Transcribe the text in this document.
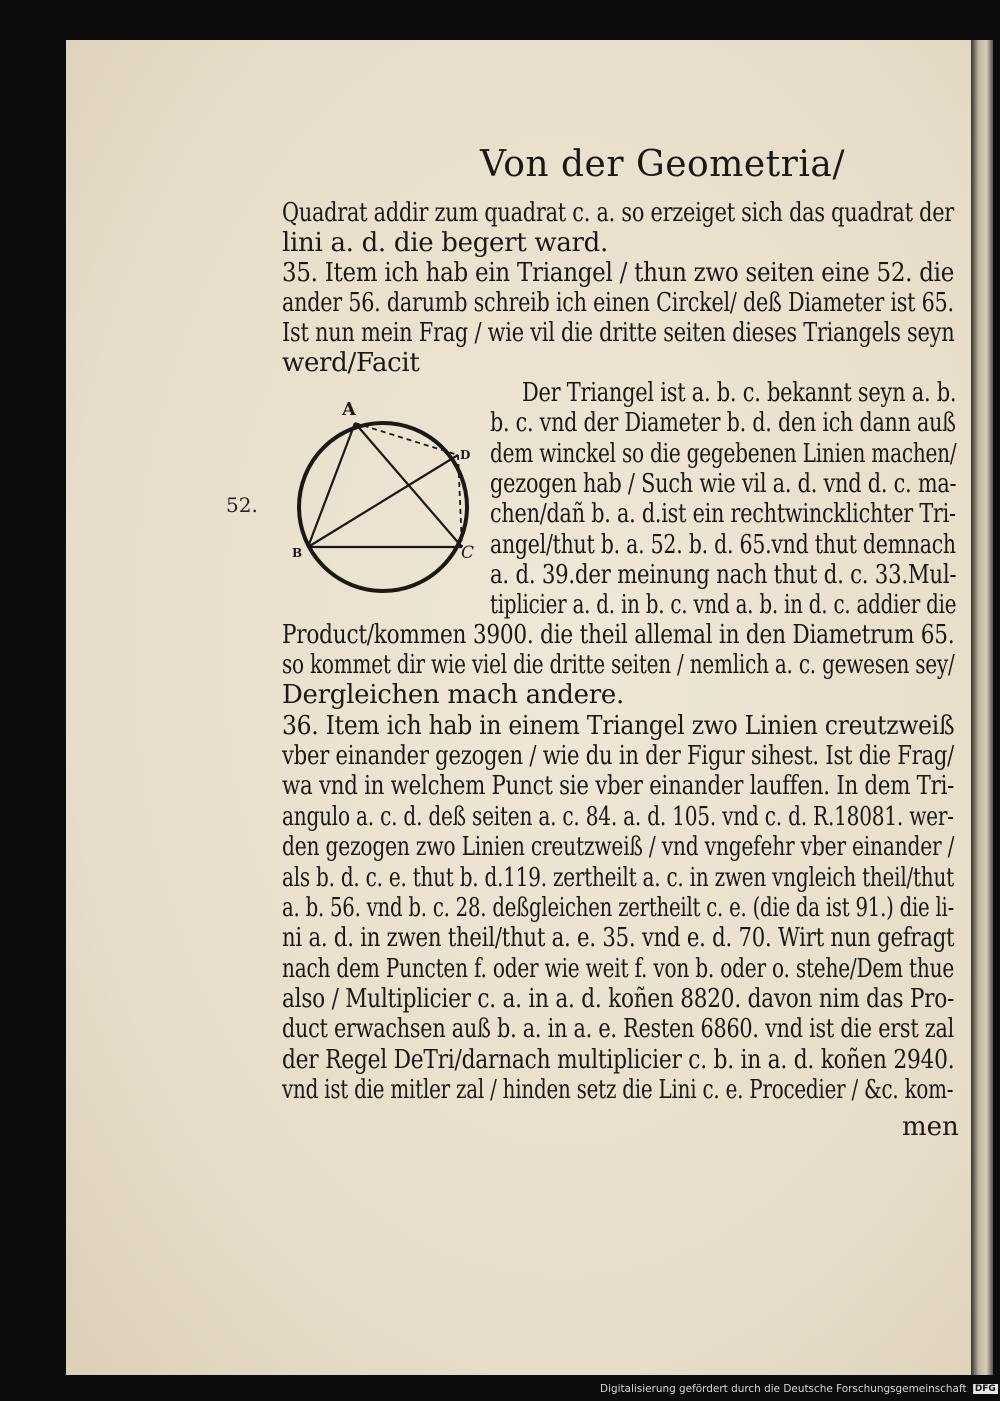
Von der Geometria/
52.
Quadrat addir zum quadrat c. a. so erzeiget sich das quadrat der
lini a. d. die begert ward.
35. Item ich hab ein Triangel / thun zwo seiten eine 52. die
ander 56. darumb schreib ich einen Circkel/ deß Diameter ist 65.
Ist nun mein Frag / wie vil die dritte seiten dieses Triangels seyn
werd/Facit
A
D
B	C
Der Triangel ist a. b. c. bekannt seyn a. b.
b. c. vnd der Diameter b. d. den ich dann auß
dem winckel so die gegebenen Linien machen/
gezogen hab / Such wie vil a. d. vnd d. c. ma-
chen/dañ b. a. d.ist ein rechtwincklichter Tri-
angel/thut b. a. 52. b. d. 65.vnd thut demnach
a. d. 39.der meinung nach thut d. c. 33.Mul-
tiplicier a. d. in b. c. vnd a. b. in d. c. addier die
Product/kommen 3900. die theil allemal in den Diametrum 65.
so kommet dir wie viel die dritte seiten / nemlich a. c. gewesen sey/
Dergleichen mach andere.
36. Item ich hab in einem Triangel zwo Linien creutzweiß
vber einander gezogen / wie du in der Figur sihest. Ist die Frag/
wa vnd in welchem Punct sie vber einander lauffen. In dem Tri-
angulo a. c. d. deß seiten a. c. 84. a. d. 105. vnd c. d. R.18081. wer-
den gezogen zwo Linien creutzweiß / vnd vngefehr vber einander /
als b. d. c. e. thut b. d.119. zertheilt a. c. in zwen vngleich theil/thut
a. b. 56. vnd b. c. 28. deßgleichen zertheilt c. e. (die da ist 91.) die li-
ni a. d. in zwen theil/thut a. e. 35. vnd e. d. 70. Wirt nun gefragt
nach dem Puncten f. oder wie weit f. von b. oder o. stehe/Dem thue
also / Multiplicier c. a. in a. d. koñen 8820. davon nim das Pro-
duct erwachsen auß b. a. in a. e. Resten 6860. vnd ist die erst zal
der Regel DeTri/darnach multiplicier c. b. in a. d. koñen 2940.
vnd ist die mitler zal / hinden setz die Lini c. e. Procedier / &c. kom-
men
Digitalisierung gefördert durch die Deutsche Forschungsgemeinschaft DFG
